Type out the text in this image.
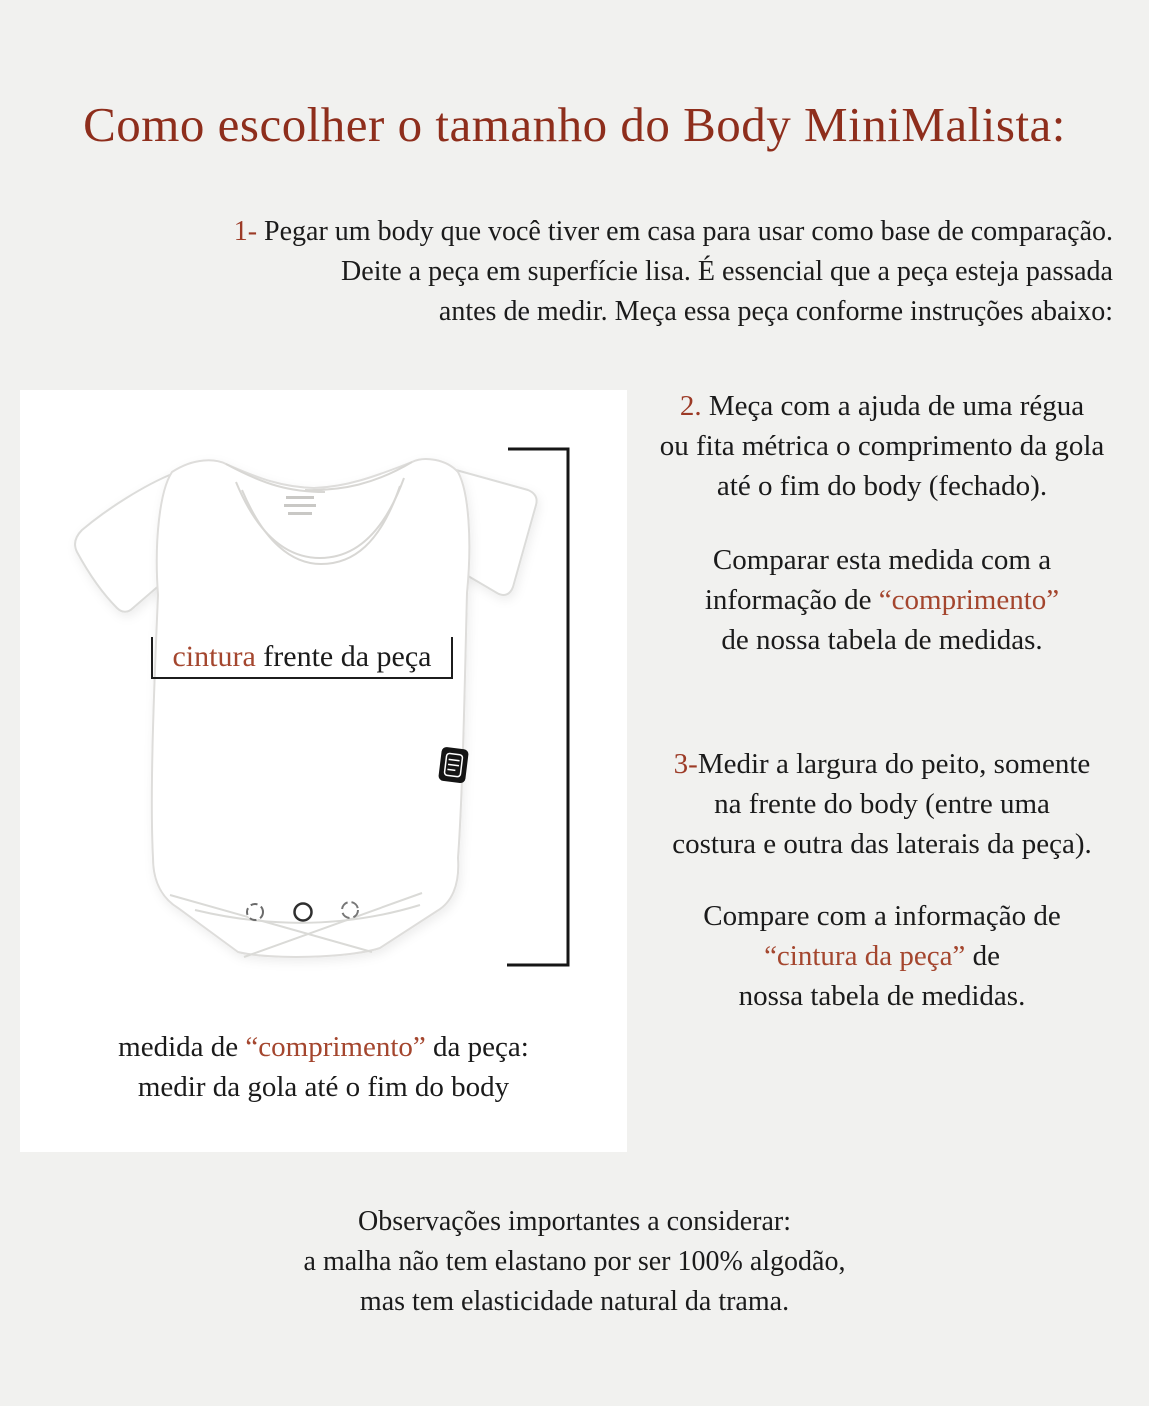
Como escolher o tamanho do Body MiniMalista:
1- Pegar um body que você tiver em casa para usar como base de comparação.
Deite a peça em superfície lisa. É essencial que a peça esteja passada
antes de medir. Meça essa peça conforme instruções abaixo:
cintura frente da peça
medida de “comprimento” da peça:
medir da gola até o fim do body
2. Meça com a ajuda de uma régua
ou fita métrica o comprimento da gola
até o fim do body (fechado).
Comparar esta medida com a
informação de “comprimento”
de nossa tabela de medidas.
3-Medir a largura do peito, somente
na frente do body (entre uma
costura e outra das laterais da peça).
Compare com a informação de
“cintura da peça” de
nossa tabela de medidas.
Observações importantes a considerar:
a malha não tem elastano por ser 100% algodão,
mas tem elasticidade natural da trama.
